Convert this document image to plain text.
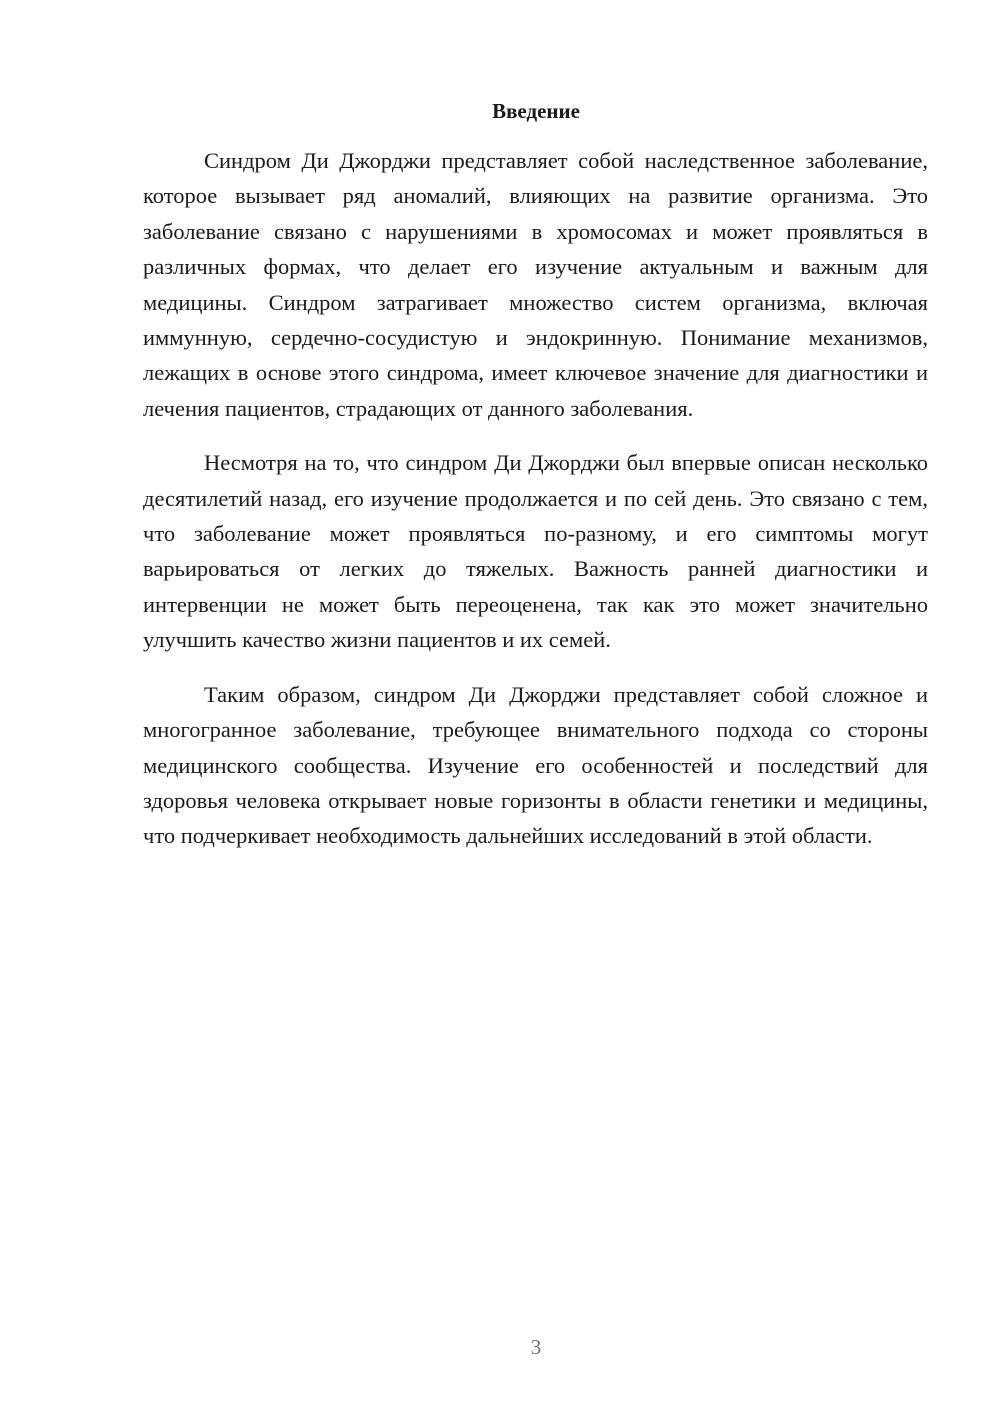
Введение

Синдром Ди Джорджи представляет собой наследственное заболевание, которое вызывает ряд аномалий, влияющих на развитие организма. Это заболевание связано с нарушениями в хромосомах и может проявляться в различных формах, что делает его изучение актуальным и важным для медицины. Синдром затрагивает множество систем организма, включая иммунную, сердечно-сосудистую и эндокринную. Понимание механизмов, лежащих в основе этого синдрома, имеет ключевое значение для диагностики и лечения пациентов, страдающих от данного заболевания.

Несмотря на то, что синдром Ди Джорджи был впервые описан несколько десятилетий назад, его изучение продолжается и по сей день. Это связано с тем, что заболевание может проявляться по-разному, и его симптомы могут варьироваться от легких до тяжелых. Важность ранней диагностики и интервенции не может быть переоценена, так как это может значительно улучшить качество жизни пациентов и их семей.

Таким образом, синдром Ди Джорджи представляет собой сложное и многогранное заболевание, требующее внимательного подхода со стороны медицинского сообщества. Изучение его особенностей и последствий для здоровья человека открывает новые горизонты в области генетики и медицины, что подчеркивает необходимость дальнейших исследований в этой области.

3
